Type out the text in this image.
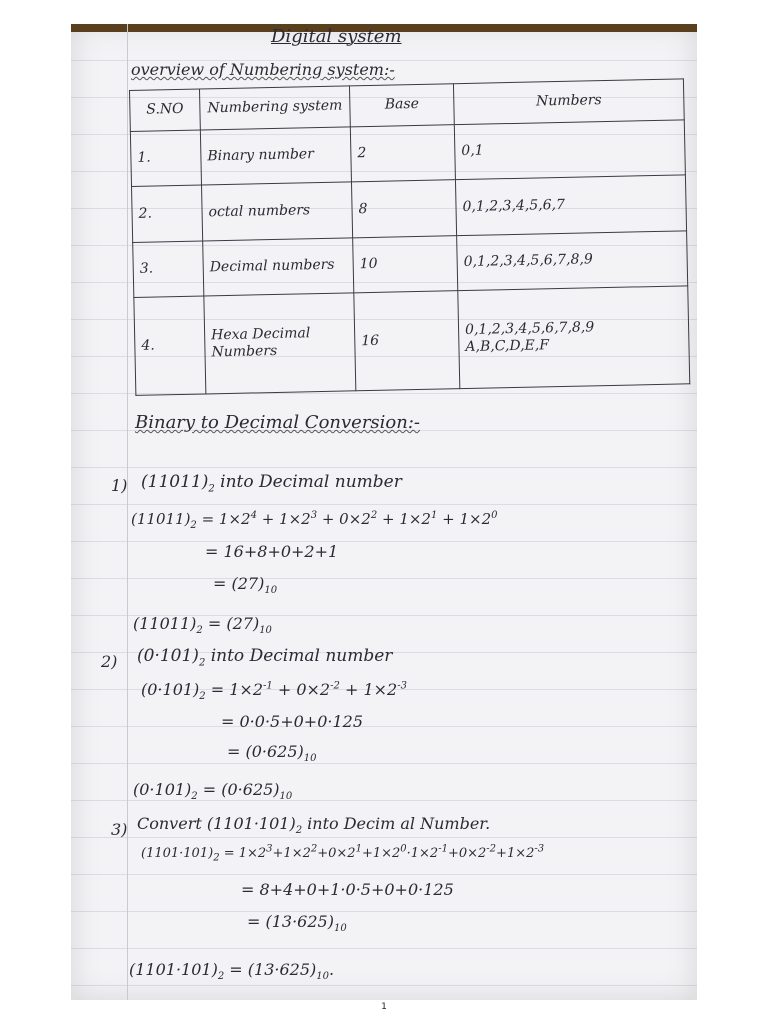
Digital system
overview of Numbering system:-
S.NO	Numbering system	Base	Numbers
1.	Binary number	2	0,1
2.	octal numbers	8	0,1,2,3,4,5,6,7
3.	Decimal numbers	10	0,1,2,3,4,5,6,7,8,9
4.	Hexa Decimal Numbers	16	0,1,2,3,4,5,6,7,8,9 A,B,C,D,E,F
Binary to Decimal Conversion:-
1) $(11011)_2$ into Decimal number
$(11011)_2 = 1\times 2^4 + 1\times 2^3 + 0\times 2^2 + 1\times 2^1 + 1\times 2^0$
= 16+8+0+2+1
= $(27)_{10}$
$(11011)_2 = (27)_{10}$
2) $(0\cdot 101)_2$ into Decimal number
$(0\cdot 101)_2 = 1\times 2^{-1} + 0\times 2^{-2} + 1\times 2^{-3}$
= 0·0·5+0+0·125
= $(0\cdot 625)_{10}$
$(0\cdot 101)_2 = (0\cdot 625)_{10}$
3) Convert $(1101\cdot 101)_2$ into Decim al Number.
$(1101\cdot 101)_2 = 1\times 2^3+1\times 2^2+0\times 2^1+1\times 2^0\cdot 1\times 2^{-1}+0\times 2^{-2}+1\times 2^{-3}$
= 8+4+0+1·0·5+0+0·125
= $(13\cdot 625)_{10}$
$(1101\cdot 101)_2 = (13\cdot 625)_{10}$.
1
